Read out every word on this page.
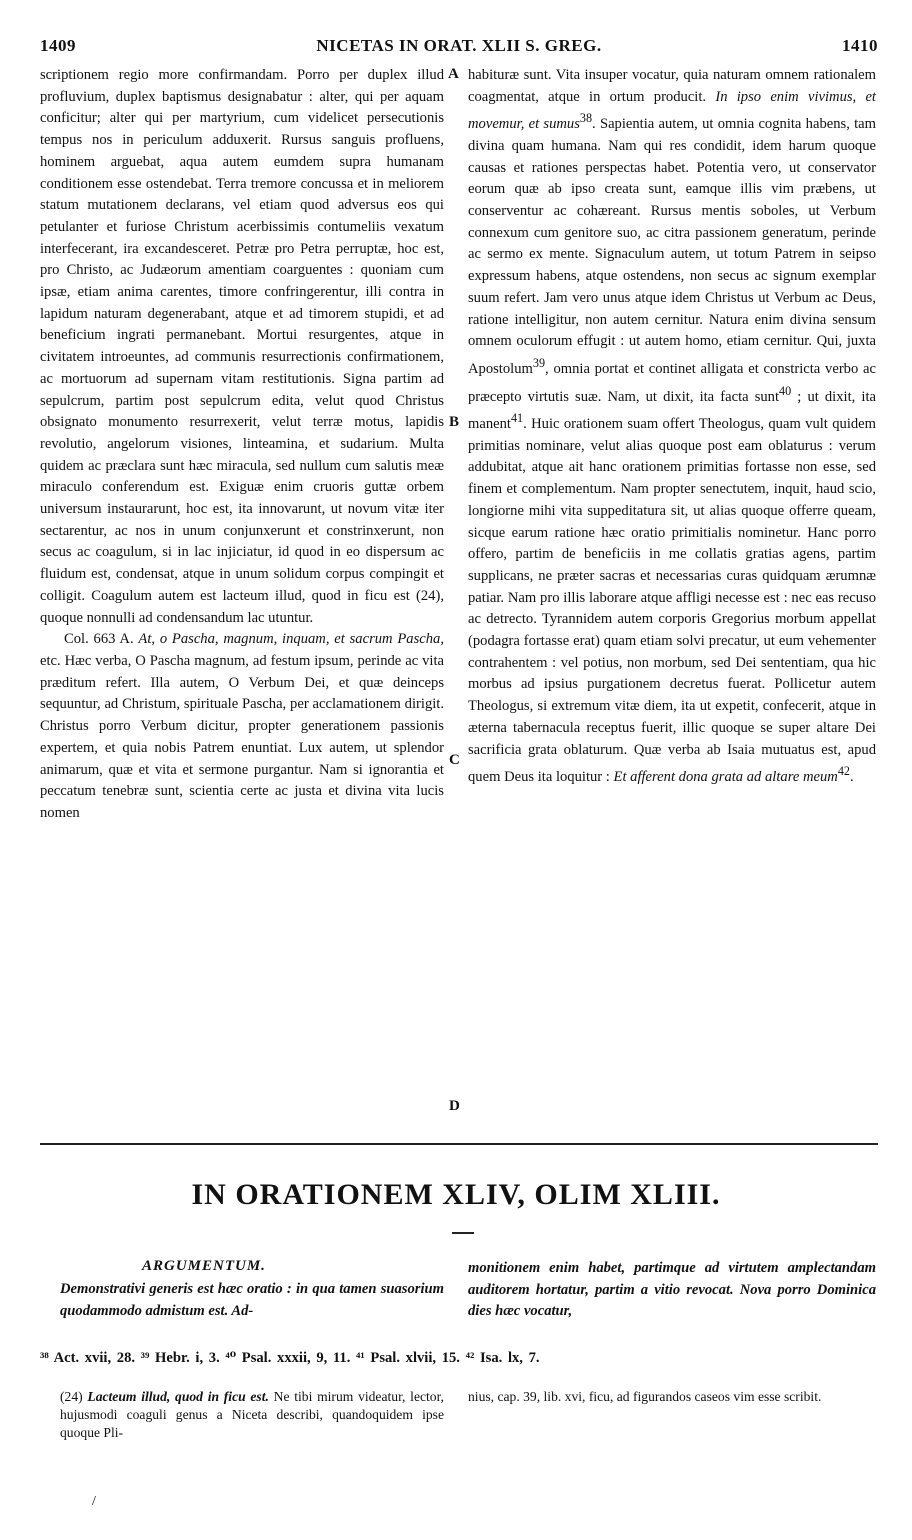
1409	NICETAS IN ORAT. XLII S. GREG.	1410

scriptionem regio more confirmandam. Porro per duplex illud profluvium, duplex baptismus designabatur : alter, qui per aquam conficitur; alter qui per martyrium, cum videlicet persecutionis tempus nos in periculum adduxerit. Rursus sanguis profluens, hominem arguebat, aqua autem eumdem supra humanam conditionem esse ostendebat. Terra tremore concussa et in meliorem statum mutationem declarans, vel etiam quod adversus eos qui petulanter et furiose Christum acerbissimis contumeliis vexatum interfecerant, ira excandesceret. Petræ pro Petra perruptæ, hoc est, pro Christo, ac Judæorum amentiam coarguentes : quoniam cum ipsæ, etiam anima carentes, timore confringerentur, illi contra in lapidum naturam degenerabant, atque et ad timorem stupidi, et ad beneficium ingrati permanebant. Mortui resurgentes, atque in civitatem introeuntes, ad communis resurrectionis confirmationem, ac mortuorum ad supernam vitam restitutionis. Signa partim ad sepulcrum, partim post sepulcrum edita, velut quod Christus obsignato monumento resurrexerit, velut terræ motus, lapidis revolutio, angelorum visiones, linteamina, et sudarium. Multa quidem ac præclara sunt hæc miracula, sed nullum cum salutis meæ miraculo conferendum est. Exiguæ enim cruoris guttæ orbem universum instaurarunt, hoc est, ita innovarunt, ut novum vitæ iter sectarentur, ac nos in unum conjunxerunt et constrinxerunt, non secus ac coagulum, si in lac injiciatur, id quod in eo dispersum ac fluidum est, condensat, atque in unum solidum corpus compingit et colligit. Coagulum autem est lacteum illud, quod in ficu est (24), quoque nonnulli ad condensandum lac utuntur.

Col. 663 A. At, o Pascha, magnum, inquam, et sacrum Pascha, etc. Hæc verba, O Pascha magnum, ad festum ipsum, perinde ac vita præditum refert. Illa autem, O Verbum Dei, et quæ deinceps sequuntur, ad Christum, spirituale Pascha, per acclamationem dirigit. Christus porro Verbum dicitur, propter generationem passionis expertem, et quia nobis Patrem enuntiat. Lux autem, ut splendor animarum, quæ et vita et sermone purgantur. Nam si ignorantia et peccatum tenebræ sunt, scientia certe ac justa et divina vita lucis nomen

A
B
C
D

habituræ sunt. Vita insuper vocatur, quia naturam omnem rationalem coagmentat, atque in ortum producit. In ipso enim vivimus, et movemur, et sumus$^{38}$. Sapientia autem, ut omnia cognita habens, tam divina quam humana. Nam qui res condidit, idem harum quoque causas et rationes perspectas habet. Potentia vero, ut conservator eorum quæ ab ipso creata sunt, eamque illis vim præbens, ut conserventur ac cohæreant. Rursus mentis soboles, ut Verbum connexum cum genitore suo, ac citra passionem generatum, perinde ac sermo ex mente. Signaculum autem, ut totum Patrem in seipso expressum habens, atque ostendens, non secus ac signum exemplar suum refert. Jam vero unus atque idem Christus ut Verbum ac Deus, ratione intelligitur, non autem cernitur. Natura enim divina sensum omnem oculorum effugit : ut autem homo, etiam cernitur. Qui, juxta Apostolum$^{39}$, omnia portat et continet alligata et constricta verbo ac præcepto virtutis suæ. Nam, ut dixit, ita facta sunt$^{40}$ ; ut dixit, ita manent$^{41}$. Huic orationem suam offert Theologus, quam vult quidem primitias nominare, velut alias quoque post eam oblaturus : verum addubitat, atque ait hanc orationem primitias fortasse non esse, sed finem et complementum. Nam propter senectutem, inquit, haud scio, longiorne mihi vita suppeditatura sit, ut alias quoque offerre queam, sicque earum ratione hæc oratio primitialis nominetur. Hanc porro offero, partim de beneficiis in me collatis gratias agens, partim supplicans, ne præter sacras et necessarias curas quidquam ærumnæ patiar. Nam pro illis laborare atque affligi necesse est : nec eas recuso ac detrecto. Tyrannidem autem corporis Gregorius morbum appellat (podagra fortasse erat) quam etiam solvi precatur, ut eum vehementer contrahentem : vel potius, non morbum, sed Dei sententiam, qua hic morbus ad ipsius purgationem decretus fuerat. Pollicetur autem Theologus, si extremum vitæ diem, ita ut expetit, confecerit, atque in æterna tabernacula receptus fuerit, illic quoque se super altare Dei sacrificia grata oblaturum. Quæ verba ab Isaia mutuatus est, apud quem Deus ita loquitur : Et afferent dona grata ad altare meum$^{42}$.

IN ORATIONEM XLIV, OLIM XLIII.
ARGUMENTUM.
Demonstrativi generis est hæc oratio : in qua tamen suasorium quodammodo admistum est. Ad-
monitionem enim habet, partimque ad virtutem amplectandam auditorem hortatur, partim a vitio revocat. Nova porro Dominica dies hæc vocatur,
³⁸ Act. xvii, 28. ³⁹ Hebr. i, 3. ⁴⁰ Psal. xxxii, 9, 11. ⁴¹ Psal. xlvii, 15. ⁴² Isa. lx, 7.
(24) Lacteum illud, quod in ficu est. Ne tibi mirum videatur, lector, hujusmodi coaguli genus a Niceta describi, quandoquidem ipse quoque Pli-
nius, cap. 39, lib. xvi, ficu, ad figurandos caseos vim esse scribit.
/
